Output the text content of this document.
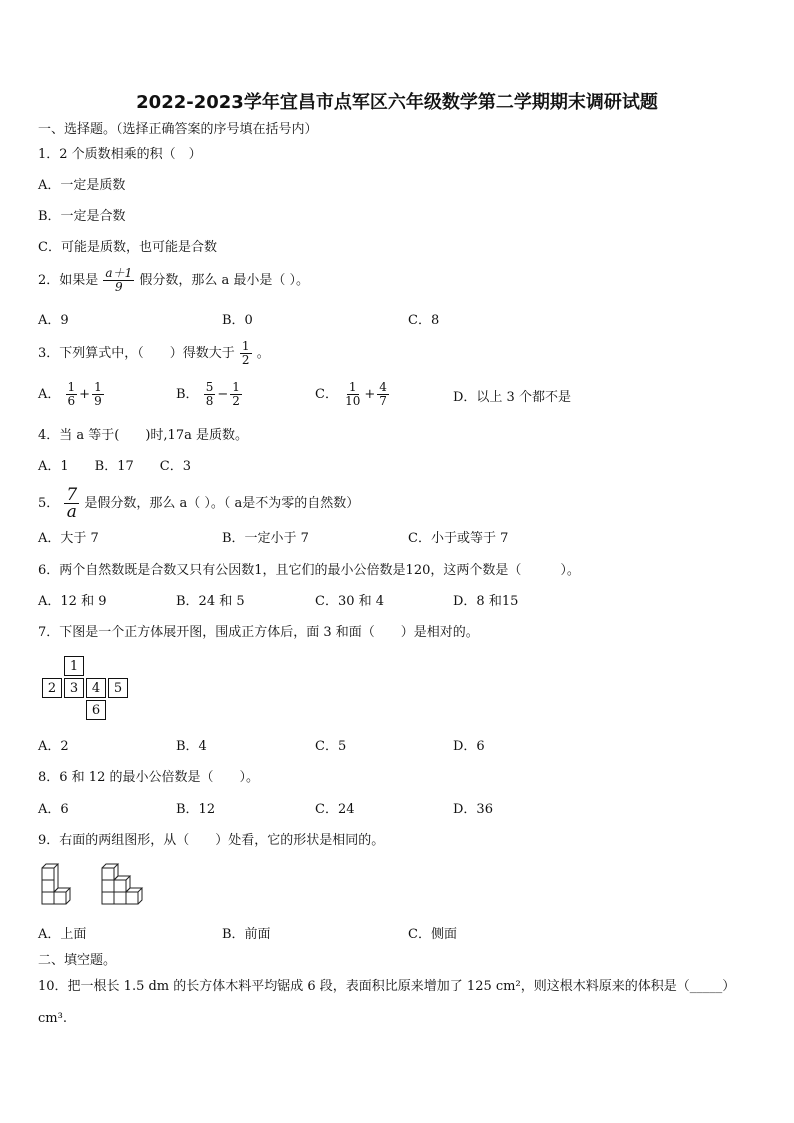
2022-2023学年宜昌市点军区六年级数学第二学期期末调研试题
一、选择题。（选择正确答案的序号填在括号内）
1．2 个质数相乘的积（　）
A．一定是质数
B．一定是合数
C．可能是质数，也可能是合数
2．如果是 $\frac{a+1}{9}$ 假分数，那么 a 最小是（ ）。
A．9	B．0	C．8
3．下列算式中，（　　）得数大于 $\frac{1}{2}$ 。
A． $\frac{1}{6} + \frac{1}{9}$	B． $\frac{5}{8} - \frac{1}{2}$	C． $\frac{1}{10} + \frac{4}{7}$	D．以上 3 个都不是
4．当 a 等于(　　)时,17a 是质数。
A．1　　B．17　　C．3
5． $\frac{7}{a}$ 是假分数，那么 a（ ）。（ a是不为零的自然数）
A．大于 7	B．一定小于 7	C．小于或等于 7
6．两个自然数既是合数又只有公因数1，且它们的最小公倍数是120，这两个数是（　　　）。
A．12 和 9	B．24 和 5	C．30 和 4	D．8 和15
7．下图是一个正方体展开图，围成正方体后，面 3 和面（　　）是相对的。
1
2	3	4	5
6
A．2	B．4	C．5	D．6
8．6 和 12 的最小公倍数是（　　）。
A．6	B．12	C．24	D．36
9．右面的两组图形，从（　　）处看，它的形状是相同的。
A．上面	B．前面	C．侧面
二、填空题。
10．把一根长 1.5 dm 的长方体木料平均锯成 6 段，表面积比原来增加了 125 cm²，则这根木料原来的体积是（_____）
cm³.
